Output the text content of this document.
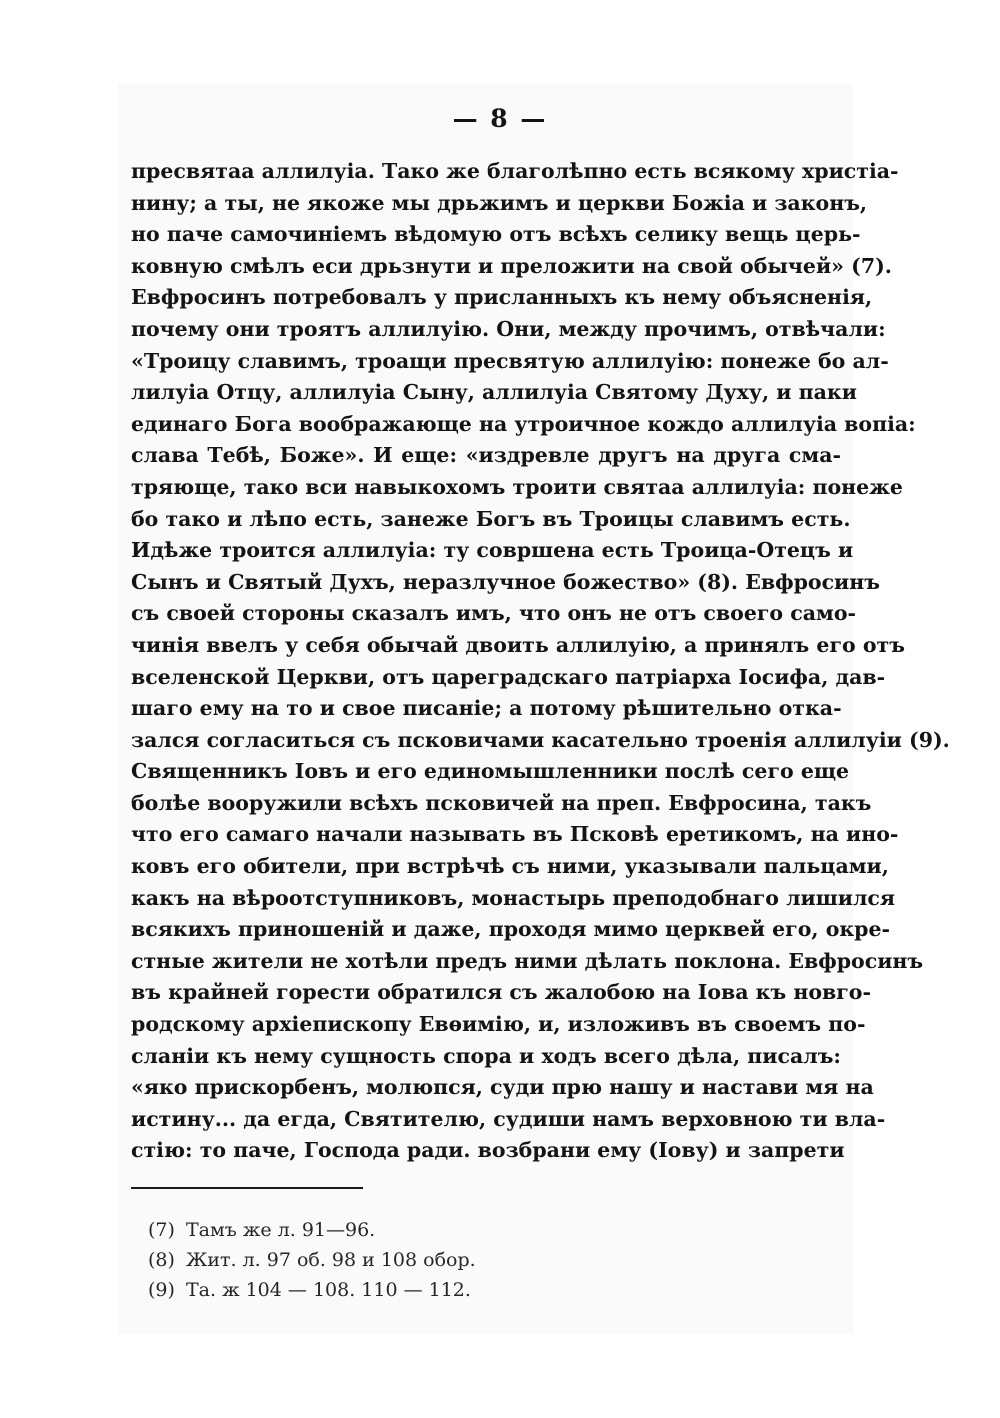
— 8 —
пресвятаа аллилуіа. Тако же благолѣпно есть всякому христіа-
нину; а ты, не якоже мы дрьжимъ и церкви Божіа и законъ,
но паче самочиніемъ вѣдомую отъ всѣхъ селику вещь церь-
ковную смѣлъ еси дрьзнути и преложити на свой обычей» (7).
Евфросинъ потребовалъ у присланныхъ къ нему объясненія,
почему они троятъ аллилуію. Они, между прочимъ, отвѣчали:
«Троицу славимъ, троащи пресвятую аллилуію: понеже бо ал-
лилуіа Отцу, аллилуіа Сыну, аллилуіа Святому Духу, и паки
единаго Бога воображающе на утроичное кождо аллилуіа вопіа:
слава Тебѣ, Боже». И еще: «издревле другъ на друга сма-
тряюще, тако вси навыкохомъ троити святаа аллилуіа: понеже
бо тако и лѣпо есть, занеже Богъ въ Троицы славимъ есть.
Идѣже троится аллилуіа: ту совршена есть Троица-Отецъ и
Сынъ и Святый Духъ, неразлучное божество» (8). Евфросинъ
съ своей стороны сказалъ имъ, что онъ не отъ своего само-
чинія ввелъ у себя обычай двоить аллилуію, а принялъ его отъ
вселенской Церкви, отъ цареградскаго патріарха Іосифа, дав-
шаго ему на то и свое писаніе; а потому рѣшительно отка-
зался согласиться съ псковичами касательно троенія аллилуіи (9).
Священникъ Іовъ и его единомышленники послѣ сего еще
болѣе вооружили всѣхъ псковичей на преп. Евфросина, такъ
что его самаго начали называть въ Псковѣ еретикомъ, на ино-
ковъ его обители, при встрѣчѣ съ ними, указывали пальцами,
какъ на вѣроотступниковъ, монастырь преподобнаго лишился
всякихъ приношеній и даже, проходя мимо церквей его, окре-
стные жители не хотѣли предъ ними дѣлать поклона. Евфросинъ
въ крайней горести обратился съ жалобою на Іова къ новго-
родскому архіепископу Евѳимію, и, изложивъ въ своемъ по-
сланіи къ нему сущность спора и ходъ всего дѣла, писалъ:
«яко прискорбенъ, молюпся, суди прю нашу и настави мя на
истину... да егда, Святителю, судиши намъ верховною ти вла-
стію: то паче, Господа ради. возбрани ему (Іову) и запрети
(7) Тамъ же л. 91—96.
(8) Жит. л. 97 об. 98 и 108 обор.
(9) Та. ж 104 — 108. 110 — 112.
